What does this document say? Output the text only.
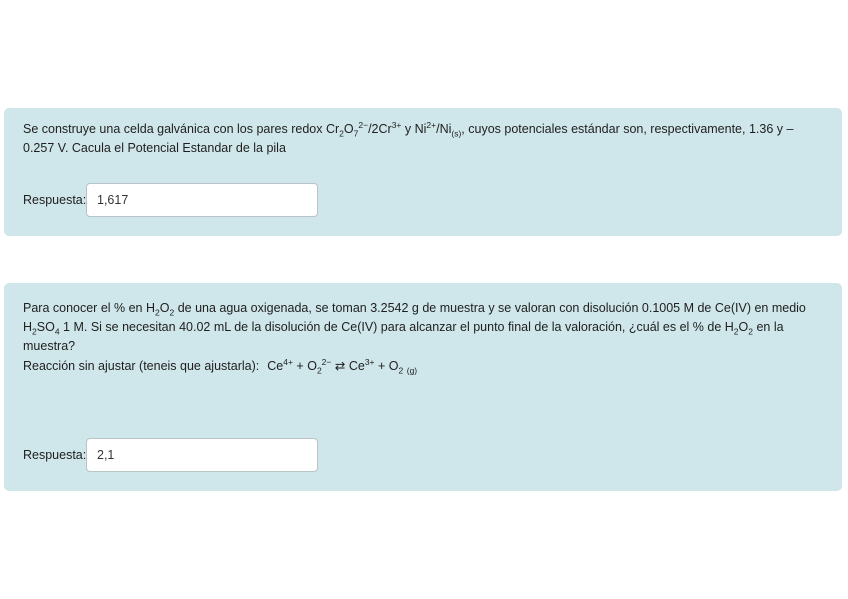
Se construye una celda galvánica con los pares redox $Cr_2O_7^{2-}/2Cr^{3+}$ y $Ni^{2+}/Ni_{(s)}$, cuyos potenciales estándar son, respectivamente, 1.36 y –
0.257 V. Cacula el Potencial Estandar de la pila

Respuesta:
1,617

Para conocer el % en $H_2O_2$ de una agua oxigenada, se toman 3.2542 g de muestra y se valoran con disolución 0.1005 M de Ce(IV) en medio
$H_2SO_4$ 1 M. Si se necesitan 40.02 mL de la disolución de Ce(IV) para alcanzar el punto final de la valoración, ¿cuál es el % de $H_2O_2$ en la
muestra?

Reacción sin ajustar (teneis que ajustarla): $Ce^{4+} + O_2^{2-}$ ⇄ $Ce^{3+} + O_2$ $_{(g)}$
Respuesta:
2,1
